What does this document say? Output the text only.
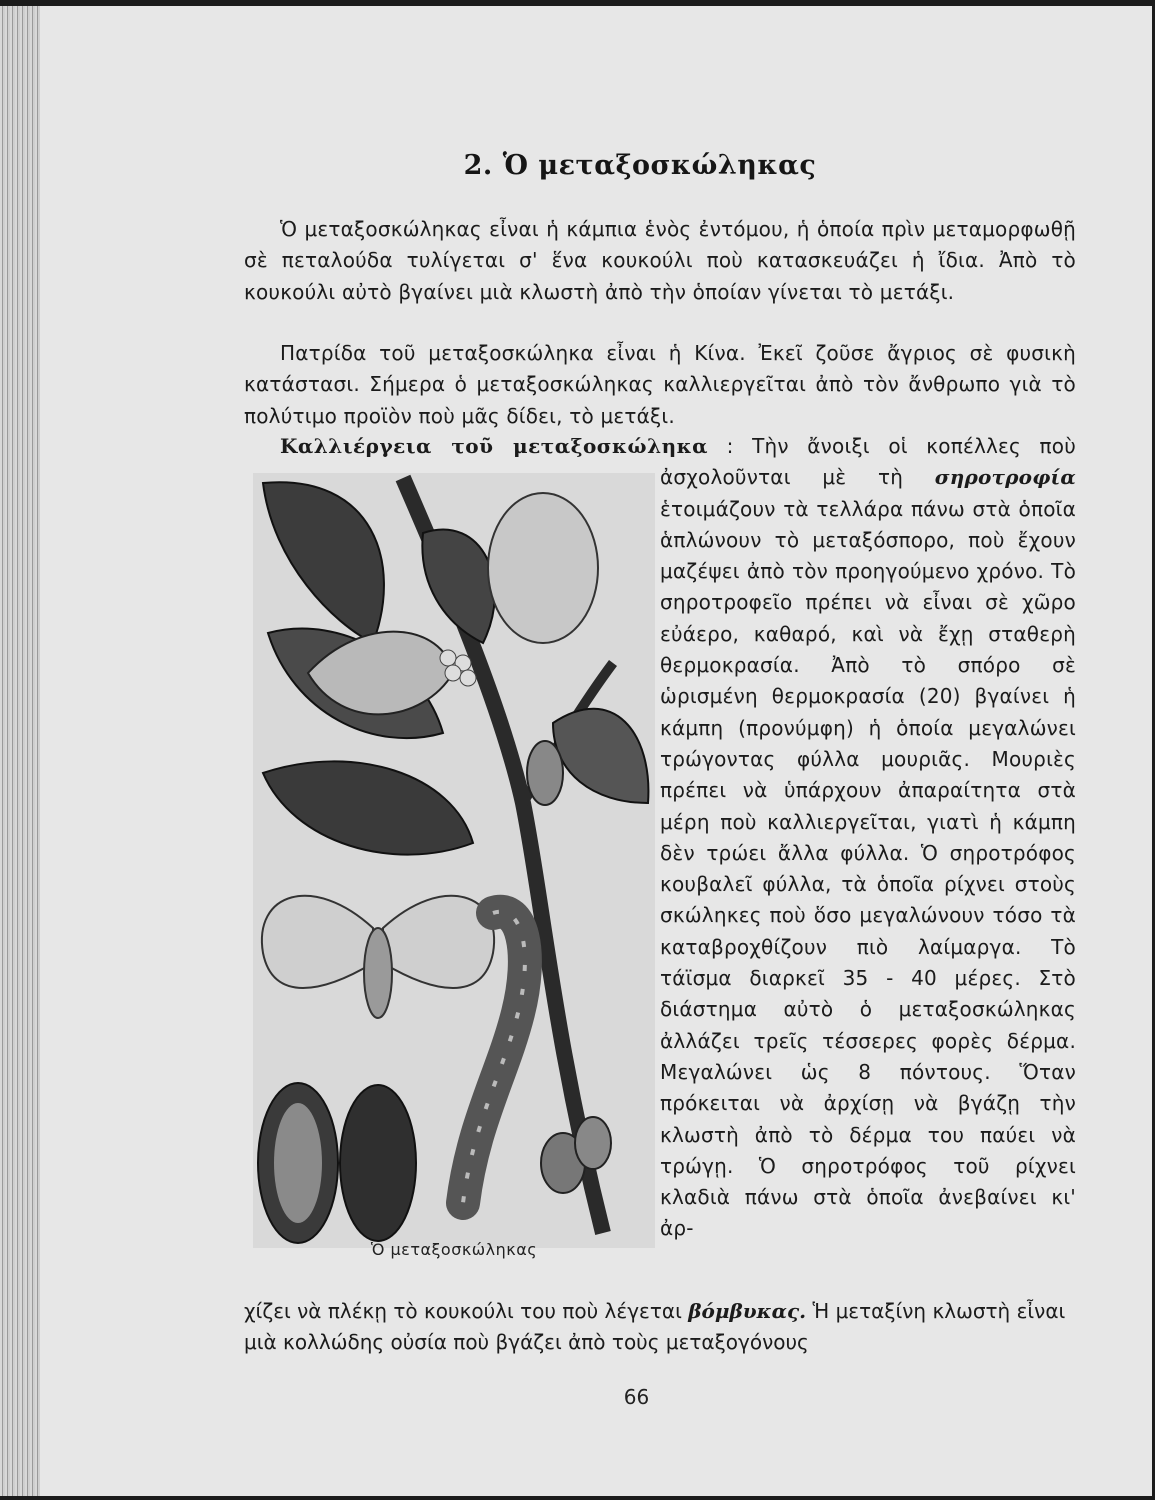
2. Ὁ μεταξοσκώληκας

Ὁ μεταξοσκώληκας εἶναι ἡ κάμπια ἑνὸς ἐντόμου, ἡ ὁποία πρὶν μεταμορφωθῇ σὲ πεταλούδα τυλίγεται σ' ἕνα κουκούλι ποὺ κατασκευάζει ἡ ἴδια. Ἀπὸ τὸ κουκούλι αὐτὸ βγαίνει μιὰ κλωστὴ ἀπὸ τὴν ὁποίαν γίνεται τὸ μετάξι.

Πατρίδα τοῦ μεταξοσκώληκα εἶναι ἡ Κίνα. Ἐκεῖ ζοῦσε ἄγριος σὲ φυσικὴ κατάστασι. Σήμερα ὁ μεταξοσκώληκας καλλιεργεῖται ἀπὸ τὸν ἄνθρωπο γιὰ τὸ πολύτιμο προϊὸν ποὺ μᾶς δίδει, τὸ μετάξι.

Καλλιέργεια τοῦ μεταξοσκώληκα : Τὴν ἄνοιξι οἱ κοπέλλες ποὺ ἀσχολοῦνται μὲ τὴ σηροτροφία ἑτοιμάζουν τὰ τελλάρα πάνω στὰ ὁποῖα ἁπλώνουν τὸ μεταξόσπορο, ποὺ ἔχουν μαζέψει ἀπὸ τὸν προηγούμενο χρόνο. Τὸ σηροτροφεῖο πρέπει νὰ εἶναι σὲ χῶρο εὐάερο, καθαρό, καὶ νὰ ἔχῃ σταθερὴ θερμοκρασία. Ἀπὸ τὸ σπόρο σὲ ὡρισμένη θερμοκρασία (20) βγαίνει ἡ κάμπη (προνύμφη) ἡ ὁποία μεγαλώνει τρώγοντας φύλλα μουριᾶς. Μουριὲς πρέπει νὰ ὑπάρχουν ἀπαραίτητα στὰ μέρη ποὺ καλλιεργεῖται, γιατὶ ἡ κάμπη δὲν τρώει ἄλλα φύλλα. Ὁ σηροτρόφος κουβαλεῖ φύλλα, τὰ ὁποῖα ρίχνει στοὺς σκώληκες ποὺ ὅσο μεγαλώνουν τόσο τὰ καταβροχθίζουν πιὸ λαίμαργα. Τὸ τάϊσμα διαρκεῖ 35 - 40 μέρες. Στὸ διάστημα αὐτὸ ὁ μεταξοσκώληκας ἀλλάζει τρεῖς τέσσερες φορὲς δέρμα. Μεγαλώνει ὡς 8 πόντους. Ὅταν πρόκειται νὰ ἀρχίσῃ νὰ βγάζῃ τὴν κλωστὴ ἀπὸ τὸ δέρμα του παύει νὰ τρώγῃ. Ὁ σηροτρόφος τοῦ ρίχνει κλαδιὰ πάνω στὰ ὁποῖα ἀνεβαίνει κι' ἀρ-

Ὁ μεταξοσκώληκας

χίζει νὰ πλέκῃ τὸ κουκούλι του ποὺ λέγεται βόμβυκας. Ἡ μεταξίνη κλωστὴ εἶναι μιὰ κολλώδης οὐσία ποὺ βγάζει ἀπὸ τοὺς μεταξογόνους

66
